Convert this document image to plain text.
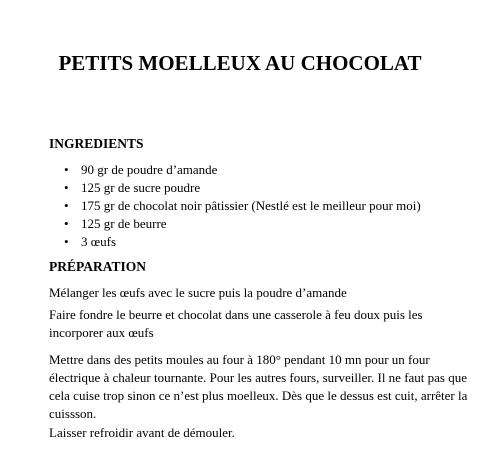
PETITS MOELLEUX AU CHOCOLAT
INGREDIENTS
• 90 gr de poudre d’amande
• 125 gr de sucre poudre
• 175 gr de chocolat noir pâtissier (Nestlé est le meilleur pour moi)
• 125 gr de beurre
• 3 œufs
PRÉPARATION

Mélanger les œufs avec le sucre puis la poudre d’amande

Faire fondre le beurre et chocolat dans une casserole à feu doux puis les
incorporer aux œufs

Mettre dans des petits moules au four à 180° pendant 10 mn pour un four
électrique à chaleur tournante. Pour les autres fours, surveiller. Il ne faut pas que
cela cuise trop sinon ce n’est plus moelleux. Dès que le dessus est cuit, arrêter la
cuissson.

Laisser refroidir avant de démouler.
